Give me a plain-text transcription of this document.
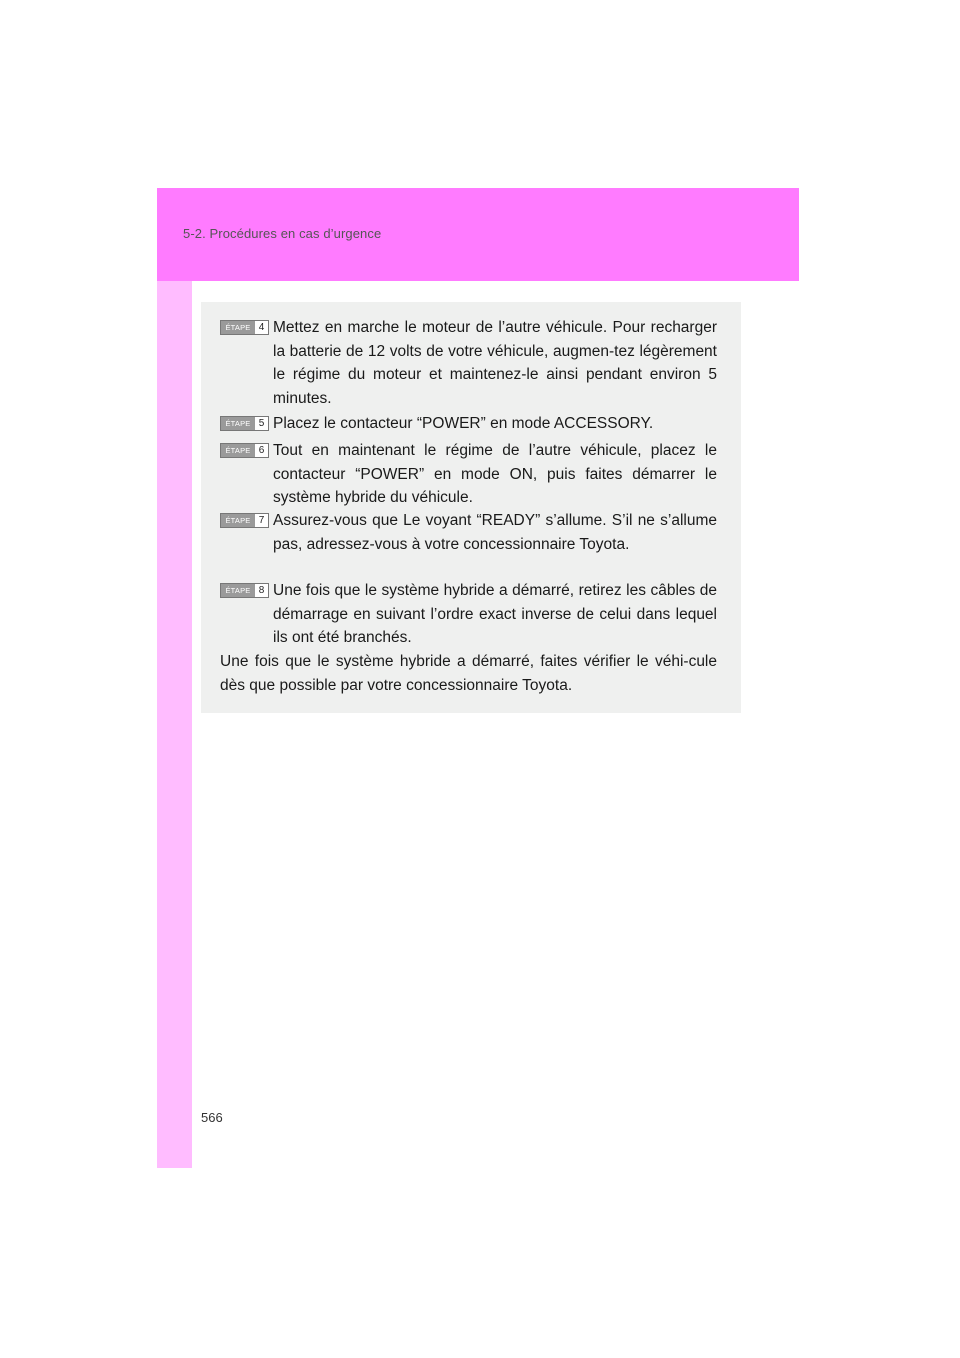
5-2. Procédures en cas d’urgence
ÉTAPE 4 Mettez en marche le moteur de l’autre véhicule. Pour recharger la batterie de 12 volts de votre véhicule, augmen-tez légèrement le régime du moteur et maintenez-le ainsi pendant environ 5 minutes.

ÉTAPE 5 Placez le contacteur “POWER” en mode ACCESSORY.

ÉTAPE 6 Tout en maintenant le régime de l’autre véhicule, placez le contacteur “POWER” en mode ON, puis faites démarrer le système hybride du véhicule.

ÉTAPE 7 Assurez-vous que Le voyant “READY” s’allume. S’il ne s’allume pas, adressez-vous à votre concessionnaire Toyota.

ÉTAPE 8 Une fois que le système hybride a démarré, retirez les câbles de démarrage en suivant l’ordre exact inverse de celui dans lequel ils ont été branchés.

Une fois que le système hybride a démarré, faites vérifier le véhi-cule dès que possible par votre concessionnaire Toyota.

566
